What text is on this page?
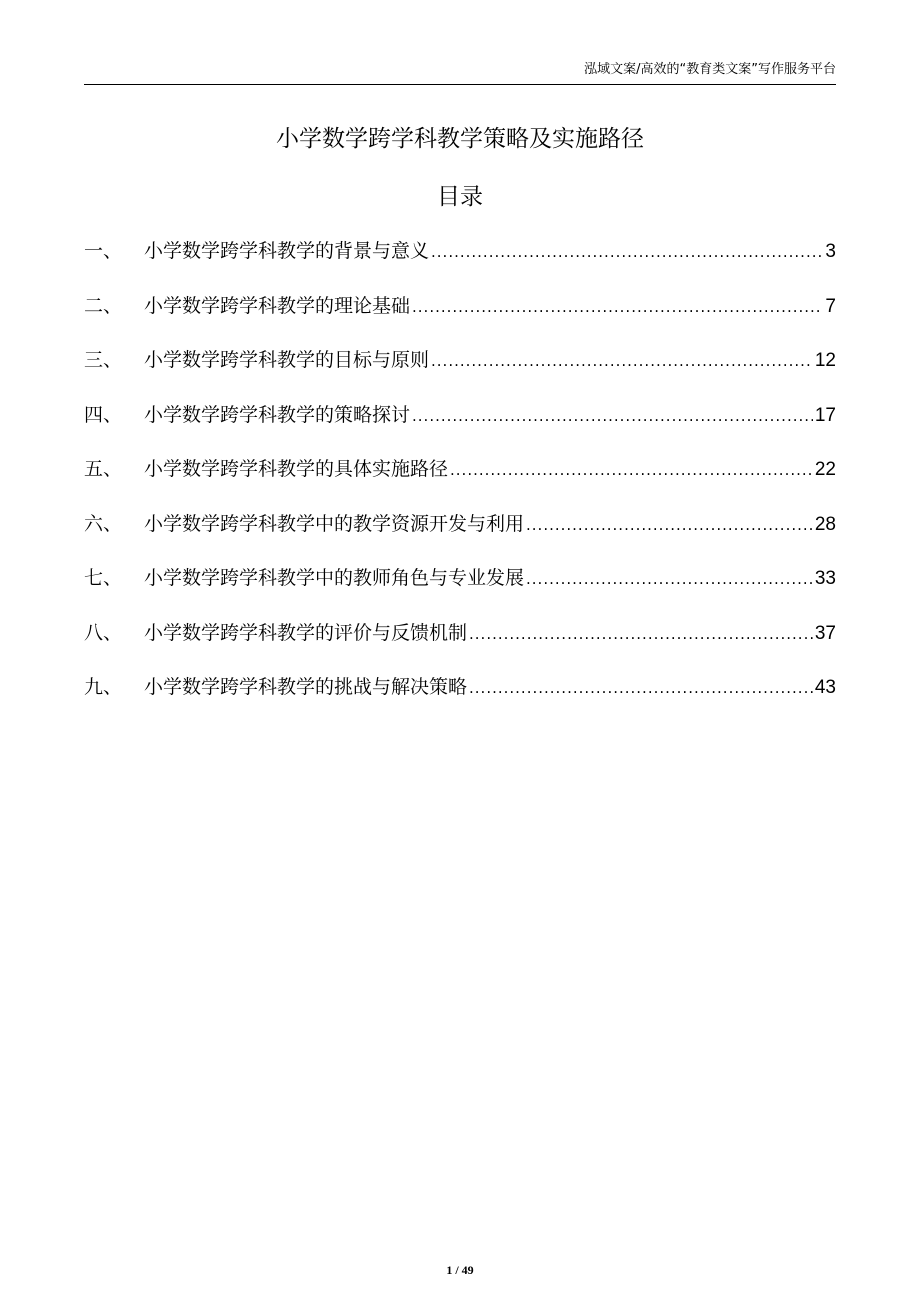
泓域文案/高效的“教育类文案”写作服务平台
小学数学跨学科教学策略及实施路径
目录
一、	小学数学跨学科教学的背景与意义 .....	3
二、	小学数学跨学科教学的理论基础 .....	7
三、	小学数学跨学科教学的目标与原则 .....	12
四、	小学数学跨学科教学的策略探讨 .....	17
五、	小学数学跨学科教学的具体实施路径 .....	22
六、	小学数学跨学科教学中的教学资源开发与利用 .....	28
七、	小学数学跨学科教学中的教师角色与专业发展 .....	33
八、	小学数学跨学科教学的评价与反馈机制 .....	37
九、	小学数学跨学科教学的挑战与解决策略 .....	43
1 / 49
